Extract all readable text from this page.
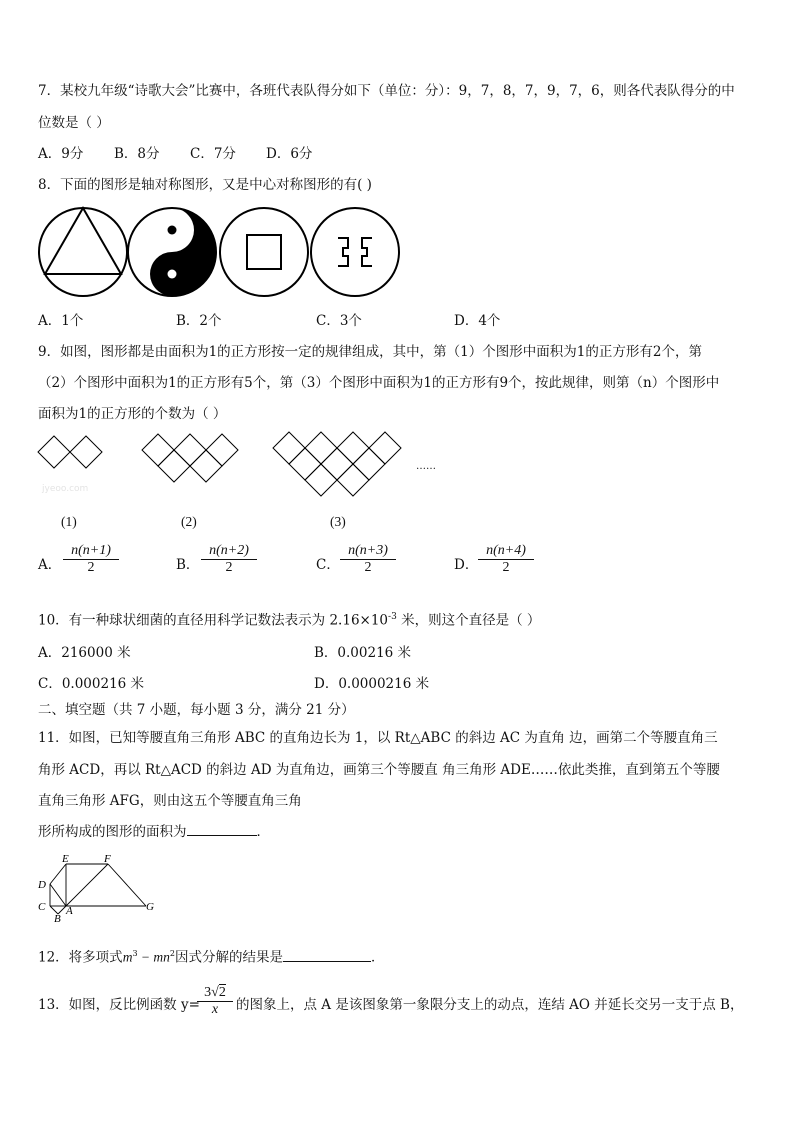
7．某校九年级“诗歌大会”比赛中，各班代表队得分如下（单位：分）：9，7，8，7，9，7，6，则各代表队得分的中
位数是（ ）
A．9分 B．8分 C．7分 D．6分
8．下面的图形是轴对称图形，又是中心对称图形的有( )
A．1个	B．2个	C．3个	D．4个
9．如图，图形都是由面积为1的正方形按一定的规律组成，其中，第（1）个图形中面积为1的正方形有2个，第
（2）个图形中面积为1的正方形有5个，第（3）个图形中面积为1的正方形有9个，按此规律，则第（n）个图形中
面积为1的正方形的个数为（ ）
……
jyeoo.com
(1)	(2)	(3)
A．
n(n+1)
2	B．
n(n+2)
2	C．
n(n+3)
2	D．
n(n+4)
2
10．有一种球状细菌的直径用科学记数法表示为 $2.16\times 10^{-3}$ 米，则这个直径是（ ）
A．216000 米	B．0.00216 米
C．0.000216 米	D．0.0000216 米
二、填空题（共 7 小题，每小题 3 分，满分 21 分）
11．如图，已知等腰直角三角形 ABC 的直角边长为 1，以 Rt△ABC 的斜边 AC 为直角 边，画第二个等腰直角三
角形 ACD，再以 Rt△ACD 的斜边 AD 为直角边，画第三个等腰直 角三角形 ADE……依此类推，直到第五个等腰
直角三角形 AFG，则由这五个等腰直角三角
形所构成的图形的面积为	．
E	F
D
C A	G
B
12．将多项式$m^3 - mn^2$因式分解的结果是	．
13．如图，反比例函数 y=
3√2
x	的图象上，点 A 是该图象第一象限分支上的动点，连结 AO 并延长交另一支于点 B，
